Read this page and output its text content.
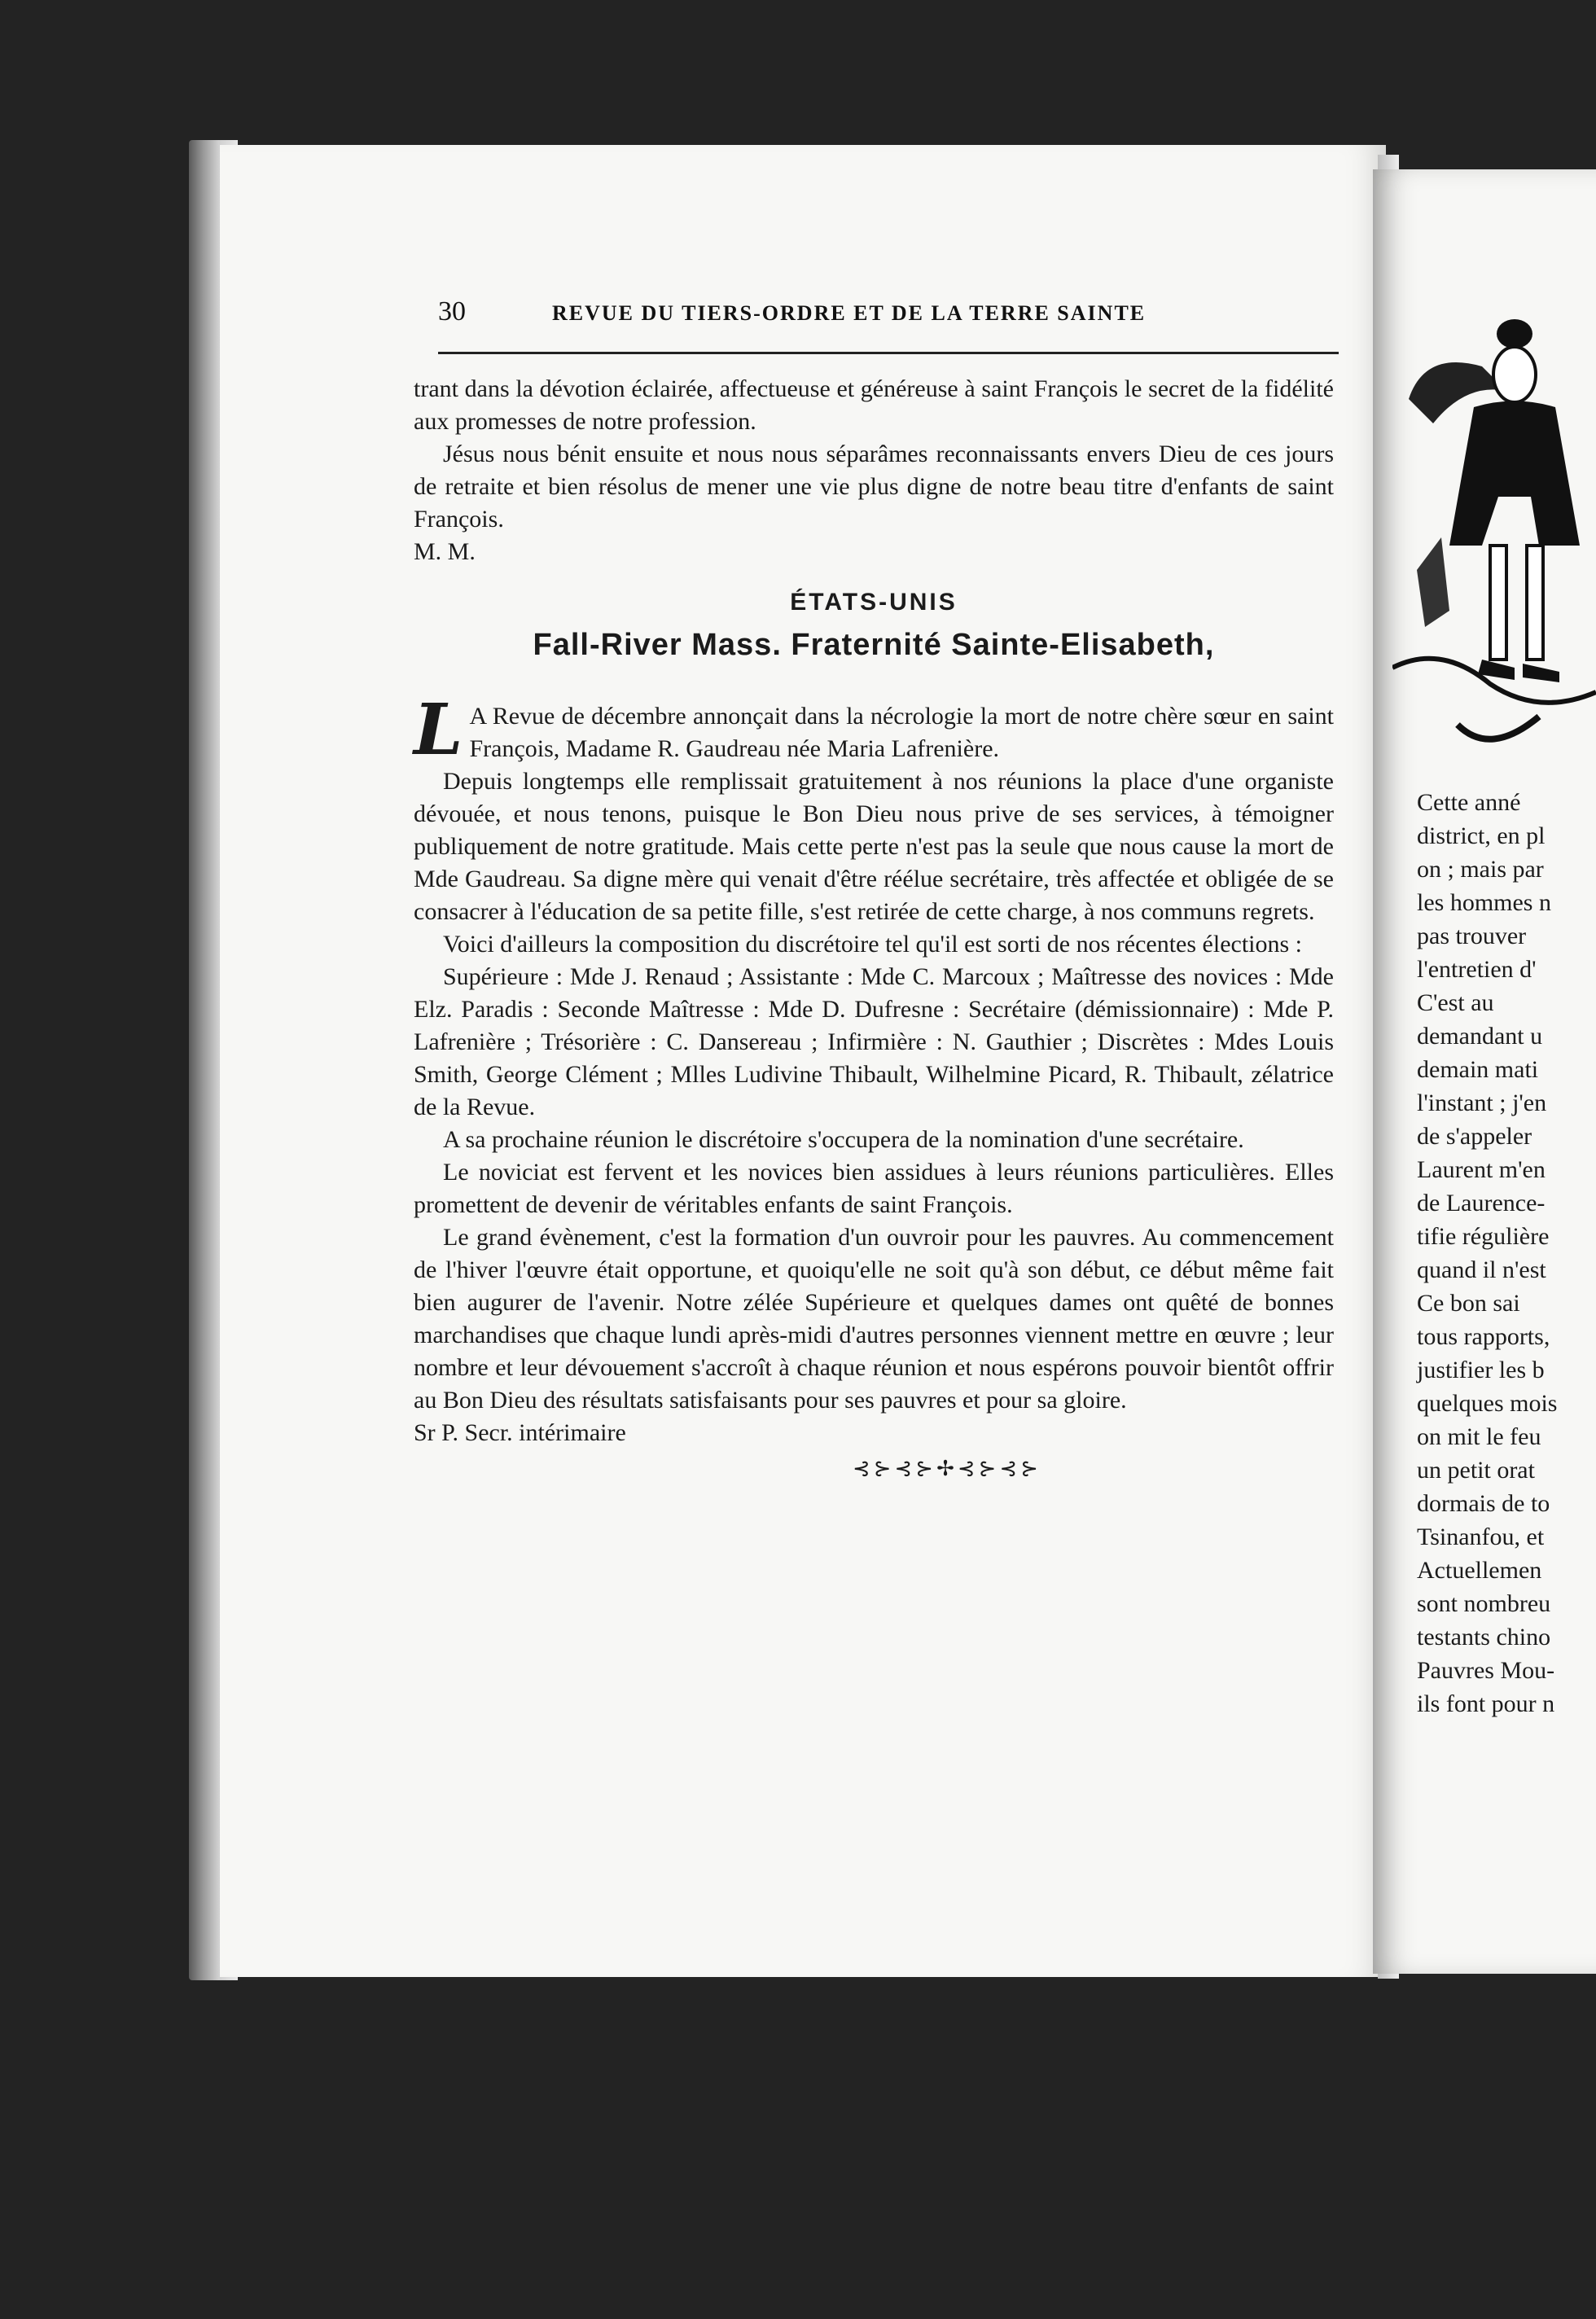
30	REVUE DU TIERS-ORDRE ET DE LA TERRE SAINTE

trant dans la dévotion éclairée, affectueuse et généreuse à saint François le secret de la fidélité aux promesses de notre profession.

Jésus nous bénit ensuite et nous nous séparâmes reconnaissants envers Dieu de ces jours de retraite et bien résolus de mener une vie plus digne de notre beau titre d'enfants de saint François.

M. M.

ÉTATS-UNIS
Fall-River Mass. Fraternité Sainte-Elisabeth,

L A Revue de décembre annonçait dans la nécrologie la mort de notre chère sœur en saint François, Madame R. Gaudreau née Maria Lafrenière.

Depuis longtemps elle remplissait gratuitement à nos réunions la place d'une organiste dévouée, et nous tenons, puisque le Bon Dieu nous prive de ses services, à témoigner publiquement de notre gratitude. Mais cette perte n'est pas la seule que nous cause la mort de Mde Gaudreau. Sa digne mère qui venait d'être réélue secrétaire, très affectée et obligée de se consacrer à l'éducation de sa petite fille, s'est retirée de cette charge, à nos communs regrets.

Voici d'ailleurs la composition du discrétoire tel qu'il est sorti de nos récentes élections :

Supérieure : Mde J. Renaud ; Assistante : Mde C. Marcoux ; Maîtresse des novices : Mde Elz. Paradis : Seconde Maîtresse : Mde D. Dufresne : Secrétaire (démissionnaire) : Mde P. Lafrenière ; Trésorière : C. Dansereau ; Infirmière : N. Gauthier ; Discrètes : Mdes Louis Smith, George Clément ; Mlles Ludivine Thibault, Wilhelmine Picard, R. Thibault, zélatrice de la Revue.

A sa prochaine réunion le discrétoire s'occupera de la nomination d'une secrétaire.

Le noviciat est fervent et les novices bien assidues à leurs réunions particulières. Elles promettent de devenir de véritables enfants de saint François.

Le grand évènement, c'est la formation d'un ouvroir pour les pauvres. Au commencement de l'hiver l'œuvre était opportune, et quoiqu'elle ne soit qu'à son début, ce début même fait bien augurer de l'avenir. Notre zélée Supérieure et quelques dames ont quêté de bonnes marchandises que chaque lundi après-midi d'autres personnes viennent mettre en œuvre ; leur nombre et leur dévouement s'accroît à chaque réunion et nous espérons pouvoir bientôt offrir au Bon Dieu des résultats satisfaisants pour ses pauvres et pour sa gloire.

Sr P. Secr. intérimaire

⊰⊱⊰⊱✢⊰⊱⊰⊱
Cette anné
district, en pl
on ; mais par
les hommes n
pas trouver
l'entretien d'
C'est au
demandant u
demain mati
l'instant ; j'en
de s'appeler
Laurent m'en
de Laurence-
tifie régulière
quand il n'est
Ce bon sai
tous rapports,
justifier les b
quelques mois
on mit le feu
un petit orat
dormais de to
Tsinanfou, et
Actuellemen
sont nombreu
testants chino
Pauvres Mou-
ils font pour n
